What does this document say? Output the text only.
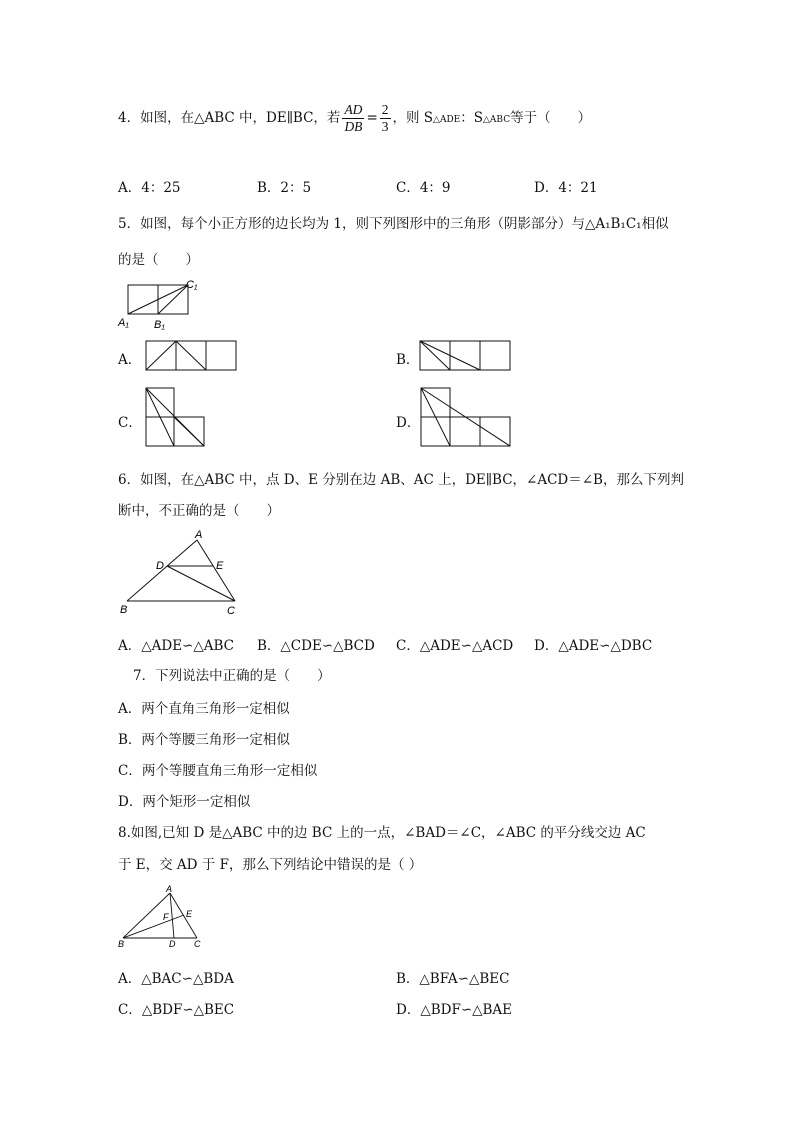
4．如图，在△ABC 中，DE∥BC，若 $\frac{AD}{DB} = \frac{2}{3}$ ，则 S△ADE：S△ABC等于（　　）
A．4：25	B．2：5	C．4：9	D．4：21
5．如图，每个小正方形的边长均为 1，则下列图形中的三角形（阴影部分）与△A₁B₁C₁相似
的是（　　）
C₁
A₁ B₁
A．	B．
C．	D．
6．如图，在△ABC 中，点 D、E 分别在边 AB、AC 上，DE∥BC，∠ACD＝∠B，那么下列判
断中，不正确的是（　　）
A
D	E
B	C
A．△ADE∽△ABC B．△CDE∽△BCD C．△ADE∽△ACD D．△ADE∽△DBC
7．下列说法中正确的是（　　）
A．两个直角三角形一定相似
B．两个等腰三角形一定相似
C．两个等腰直角三角形一定相似
D．两个矩形一定相似
8.如图,已知 D 是△ABC 中的边 BC 上的一点，∠BAD＝∠C，∠ABC 的平分线交边 AC
于 E，交 AD 于 F，那么下列结论中错误的是（ ）
A
F E
B	D C
A．△BAC∽△BDA	B．△BFA∽△BEC
C．△BDF∽△BEC	D．△BDF∽△BAE
